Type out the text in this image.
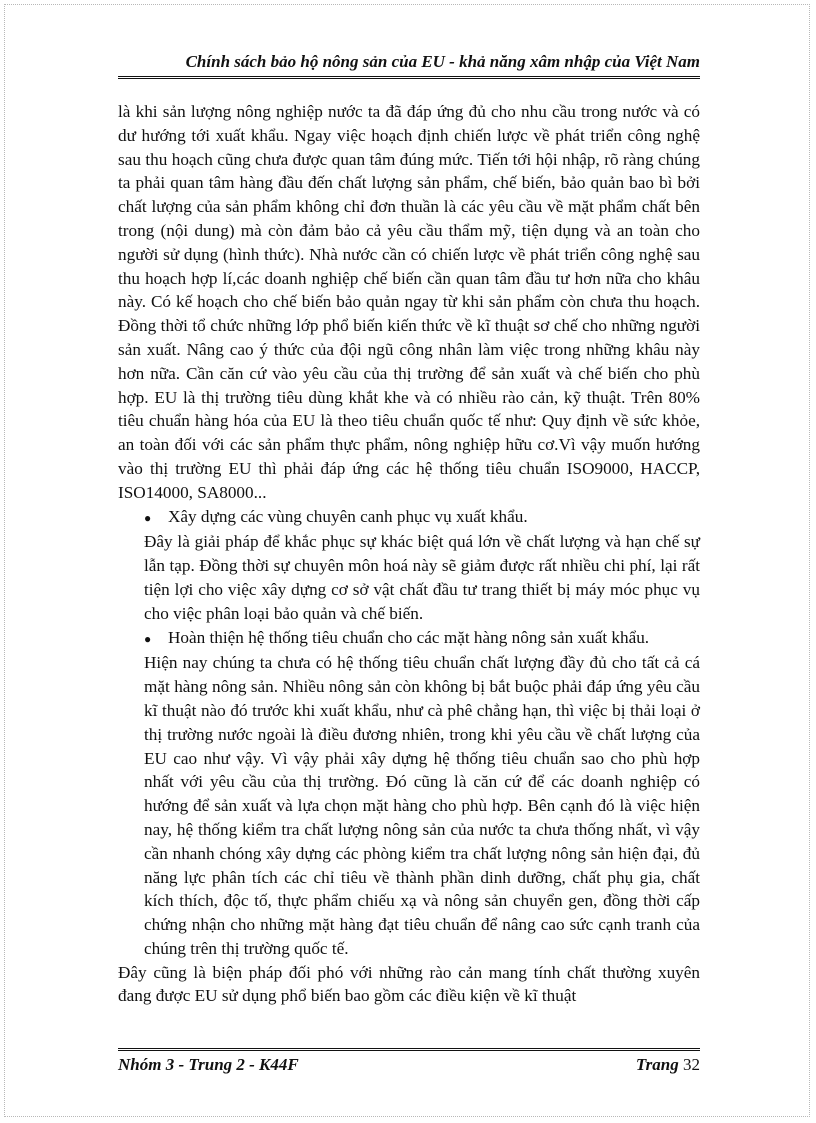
Chính sách bảo hộ nông sản của EU - khả năng xâm nhập của Việt Nam

là khi sản lượng nông nghiệp nước ta đã đáp ứng đủ cho nhu cầu trong nước và có dư hướng tới xuất khẩu. Ngay việc hoạch định chiến lược về phát triển công nghệ sau thu hoạch cũng chưa được quan tâm đúng mức. Tiến tới hội nhập, rõ ràng chúng ta phải quan tâm hàng đầu đến chất lượng sản phẩm, chế biến, bảo quản bao bì bởi chất lượng của sản phẩm không chỉ đơn thuần là các yêu cầu về mặt phẩm chất bên trong (nội dung) mà còn đảm bảo cả yêu cầu thẩm mỹ, tiện dụng và an toàn cho người sử dụng (hình thức). Nhà nước cần có chiến lược về phát triển công nghệ sau thu hoạch hợp lí,các doanh nghiệp chế biến cần quan tâm đầu tư hơn nữa cho khâu này. Có kế hoạch cho chế biến bảo quản ngay từ khi sản phẩm còn chưa thu hoạch. Đồng thời tổ chức những lớp phổ biến kiến thức về kĩ thuật sơ chế cho những người sản xuất. Nâng cao ý thức của đội ngũ công nhân làm việc trong những khâu này hơn nữa. Cần căn cứ vào yêu cầu của thị trường để sản xuất và chế biến cho phù hợp. EU là thị trường tiêu dùng khắt khe và có nhiều rào cản, kỹ thuật. Trên 80% tiêu chuẩn hàng hóa của EU là theo tiêu chuẩn quốc tế như: Quy định về sức khỏe, an toàn đối với các sản phẩm thực phẩm, nông nghiệp hữu cơ.Vì vậy muốn hướng vào thị trường EU thì phải đáp ứng các hệ thống tiêu chuẩn ISO9000, HACCP, ISO14000, SA8000...

● Xây dựng các vùng chuyên canh phục vụ xuất khẩu.

Đây là giải pháp để khắc phục sự khác biệt quá lớn về chất lượng và hạn chế sự lẫn tạp. Đồng thời sự chuyên môn hoá này sẽ giảm được rất nhiều chi phí, lại rất tiện lợi cho việc xây dựng cơ sở vật chất đầu tư trang thiết bị máy móc phục vụ cho việc phân loại bảo quản và chế biến.

● Hoàn thiện hệ thống tiêu chuẩn cho các mặt hàng nông sản xuất khẩu.

Hiện nay chúng ta chưa có hệ thống tiêu chuẩn chất lượng đầy đủ cho tất cả cá mặt hàng nông sản. Nhiều nông sản còn không bị bắt buộc phải đáp ứng yêu cầu kĩ thuật nào đó trước khi xuất khẩu, như cà phê chẳng hạn, thì việc bị thải loại ở thị trường nước ngoài là điều đương nhiên, trong khi yêu cầu về chất lượng của EU cao như vậy. Vì vậy phải xây dựng hệ thống tiêu chuẩn sao cho phù hợp nhất với yêu cầu của thị trường. Đó cũng là căn cứ để các doanh nghiệp có hướng để sản xuất và lựa chọn mặt hàng cho phù hợp. Bên cạnh đó là việc hiện nay, hệ thống kiểm tra chất lượng nông sản của nước ta chưa thống nhất, vì vậy cần nhanh chóng xây dựng các phòng kiểm tra chất lượng nông sản hiện đại, đủ năng lực phân tích các chỉ tiêu về thành phần dinh dưỡng, chất phụ gia, chất kích thích, độc tố, thực phẩm chiếu xạ và nông sản chuyển gen, đồng thời cấp chứng nhận cho những mặt hàng đạt tiêu chuẩn để nâng cao sức cạnh tranh của chúng trên thị trường quốc tế.

Đây cũng là biện pháp đối phó với những rào cản mang tính chất thường xuyên đang được EU sử dụng phổ biến bao gồm các điều kiện về kĩ thuật

Nhóm 3 - Trung 2 - K44F	Trang 32
